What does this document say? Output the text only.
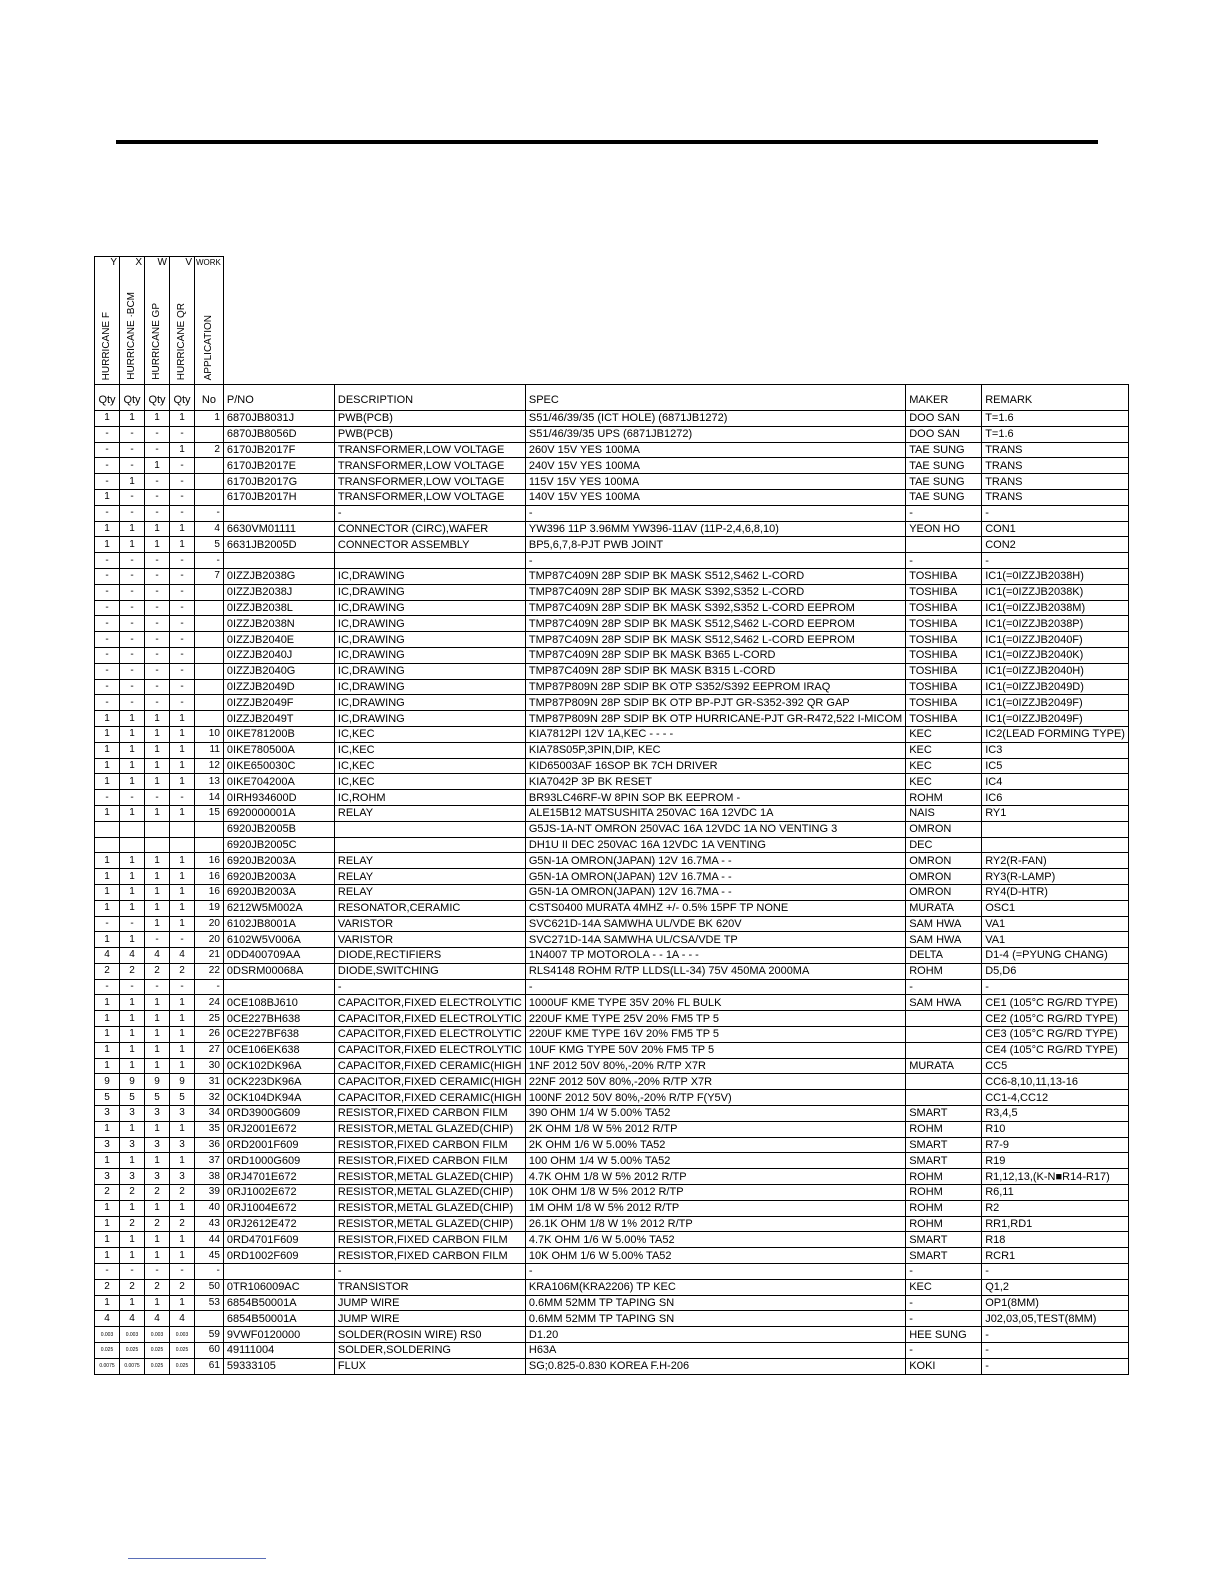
Y	X	W	V	WORK					

HURRICANE F	HURRICANE ·BCM	HURRICANE GP	HURRICANE QR	APPLICATION					

Qty	Qty	Qty	Qty	No	P/NO	DESCRIPTION	SPEC	MAKER	REMARK
1	1	1	1	1	6870JB8031J	PWB(PCB)	S51/46/39/35 (ICT HOLE) (6871JB1272)	DOO SAN	T=1.6
-	-	-	-		6870JB8056D	PWB(PCB)	S51/46/39/35 UPS (6871JB1272)	DOO SAN	T=1.6
-	-	-	1	2	6170JB2017F	TRANSFORMER,LOW VOLTAGE	260V 15V YES 100MA	TAE SUNG	TRANS
-	-	1	-		6170JB2017E	TRANSFORMER,LOW VOLTAGE	240V 15V YES 100MA	TAE SUNG	TRANS
-	1	-	-		6170JB2017G	TRANSFORMER,LOW VOLTAGE	115V 15V YES 100MA	TAE SUNG	TRANS
1	-	-	-		6170JB2017H	TRANSFORMER,LOW VOLTAGE	140V 15V YES 100MA	TAE SUNG	TRANS
-	-	-	-	-		-	-	-	-
1	1	1	1	4	6630VM01111	CONNECTOR (CIRC),WAFER	YW396 11P 3.96MM YW396-11AV (11P-2,4,6,8,10)	YEON HO	CON1
1	1	1	1	5	6631JB2005D	CONNECTOR ASSEMBLY	BP5,6,7,8-PJT PWB JOINT		CON2
-	-	-	-	-			-	-	-
-	-	-	-	7	0IZZJB2038G	IC,DRAWING	TMP87C409N 28P SDIP BK MASK S512,S462 L-CORD	TOSHIBA	IC1(=0IZZJB2038H)
-	-	-	-		0IZZJB2038J	IC,DRAWING	TMP87C409N 28P SDIP BK MASK S392,S352 L-CORD	TOSHIBA	IC1(=0IZZJB2038K)
-	-	-	-		0IZZJB2038L	IC,DRAWING	TMP87C409N 28P SDIP BK MASK S392,S352 L-CORD EEPROM	TOSHIBA	IC1(=0IZZJB2038M)
-	-	-	-		0IZZJB2038N	IC,DRAWING	TMP87C409N 28P SDIP BK MASK S512,S462 L-CORD EEPROM	TOSHIBA	IC1(=0IZZJB2038P)
-	-	-	-		0IZZJB2040E	IC,DRAWING	TMP87C409N 28P SDIP BK MASK S512,S462 L-CORD EEPROM	TOSHIBA	IC1(=0IZZJB2040F)
-	-	-	-		0IZZJB2040J	IC,DRAWING	TMP87C409N 28P SDIP BK MASK B365 L-CORD	TOSHIBA	IC1(=0IZZJB2040K)
-	-	-	-		0IZZJB2040G	IC,DRAWING	TMP87C409N 28P SDIP BK MASK B315 L-CORD	TOSHIBA	IC1(=0IZZJB2040H)
-	-	-	-		0IZZJB2049D	IC,DRAWING	TMP87P809N 28P SDIP BK OTP S352/S392 EEPROM IRAQ	TOSHIBA	IC1(=0IZZJB2049D)
-	-	-	-		0IZZJB2049F	IC,DRAWING	TMP87P809N 28P SDIP BK OTP BP-PJT GR-S352-392 QR GAP	TOSHIBA	IC1(=0IZZJB2049F)
1	1	1	1		0IZZJB2049T	IC,DRAWING	TMP87P809N 28P SDIP BK OTP HURRICANE-PJT GR-R472,522 I-MICOM	TOSHIBA	IC1(=0IZZJB2049F)
1	1	1	1	10	0IKE781200B	IC,KEC	KIA7812PI 12V 1A,KEC - - - -	KEC	IC2(LEAD FORMING TYPE)
1	1	1	1	11	0IKE780500A	IC,KEC	KIA78S05P,3PIN,DIP, KEC	KEC	IC3
1	1	1	1	12	0IKE650030C	IC,KEC	KID65003AF 16SOP BK 7CH DRIVER	KEC	IC5
1	1	1	1	13	0IKE704200A	IC,KEC	KIA7042P 3P BK RESET	KEC	IC4
-	-	-	-	14	0IRH934600D	IC,ROHM	BR93LC46RF-W 8PIN SOP BK EEPROM -	ROHM	IC6
1	1	1	1	15	6920000001A	RELAY	ALE15B12 MATSUSHITA 250VAC 16A 12VDC 1A	NAIS	RY1
					6920JB2005B		G5JS-1A-NT OMRON 250VAC 16A 12VDC 1A NO VENTING 3	OMRON	
					6920JB2005C		DH1U II DEC 250VAC 16A 12VDC 1A VENTING	DEC	
1	1	1	1	16	6920JB2003A	RELAY	G5N-1A OMRON(JAPAN) 12V 16.7MA - -	OMRON	RY2(R-FAN)
1	1	1	1	16	6920JB2003A	RELAY	G5N-1A OMRON(JAPAN) 12V 16.7MA - -	OMRON	RY3(R-LAMP)
1	1	1	1	16	6920JB2003A	RELAY	G5N-1A OMRON(JAPAN) 12V 16.7MA - -	OMRON	RY4(D-HTR)
1	1	1	1	19	6212W5M002A	RESONATOR,CERAMIC	CSTS0400 MURATA 4MHZ +/- 0.5% 15PF TP NONE	MURATA	OSC1
-	-	1	1	20	6102JB8001A	VARISTOR	SVC621D-14A SAMWHA UL/VDE BK 620V	SAM HWA	VA1
1	1	-	-	20	6102W5V006A	VARISTOR	SVC271D-14A SAMWHA UL/CSA/VDE TP	SAM HWA	VA1
4	4	4	4	21	0DD400709AA	DIODE,RECTIFIERS	1N4007 TP MOTOROLA - - 1A - - -	DELTA	D1-4 (=PYUNG CHANG)
2	2	2	2	22	0DSRM00068A	DIODE,SWITCHING	RLS4148 ROHM R/TP LLDS(LL-34) 75V 450MA 2000MA	ROHM	D5,D6
-	-	-	-	-		-	-	-	-
1	1	1	1	24	0CE108BJ610	CAPACITOR,FIXED ELECTROLYTIC	1000UF KME TYPE 35V 20% FL BULK	SAM HWA	CE1 (105°C RG/RD TYPE)
1	1	1	1	25	0CE227BH638	CAPACITOR,FIXED ELECTROLYTIC	220UF KME TYPE 25V 20% FM5 TP 5		CE2 (105°C RG/RD TYPE)
1	1	1	1	26	0CE227BF638	CAPACITOR,FIXED ELECTROLYTIC	220UF KME TYPE 16V 20% FM5 TP 5		CE3 (105°C RG/RD TYPE)
1	1	1	1	27	0CE106EK638	CAPACITOR,FIXED ELECTROLYTIC	10UF KMG TYPE 50V 20% FM5 TP 5		CE4 (105°C RG/RD TYPE)
1	1	1	1	30	0CK102DK96A	CAPACITOR,FIXED CERAMIC(HIGH	1NF 2012 50V 80%,-20% R/TP X7R	MURATA	CC5
9	9	9	9	31	0CK223DK96A	CAPACITOR,FIXED CERAMIC(HIGH	22NF 2012 50V 80%,-20% R/TP X7R		CC6-8,10,11,13-16
5	5	5	5	32	0CK104DK94A	CAPACITOR,FIXED CERAMIC(HIGH	100NF 2012 50V 80%,-20% R/TP F(Y5V)		CC1-4,CC12
3	3	3	3	34	0RD3900G609	RESISTOR,FIXED CARBON FILM	390 OHM 1/4 W 5.00% TA52	SMART	R3,4,5
1	1	1	1	35	0RJ2001E672	RESISTOR,METAL GLAZED(CHIP)	2K OHM 1/8 W 5% 2012 R/TP	ROHM	R10
3	3	3	3	36	0RD2001F609	RESISTOR,FIXED CARBON FILM	2K OHM 1/6 W 5.00% TA52	SMART	R7-9
1	1	1	1	37	0RD1000G609	RESISTOR,FIXED CARBON FILM	100 OHM 1/4 W 5.00% TA52	SMART	R19
3	3	3	3	38	0RJ4701E672	RESISTOR,METAL GLAZED(CHIP)	4.7K OHM 1/8 W 5% 2012 R/TP	ROHM	R1,12,13,(K-N■R14-R17)
2	2	2	2	39	0RJ1002E672	RESISTOR,METAL GLAZED(CHIP)	10K OHM 1/8 W 5% 2012 R/TP	ROHM	R6,11
1	1	1	1	40	0RJ1004E672	RESISTOR,METAL GLAZED(CHIP)	1M OHM 1/8 W 5% 2012 R/TP	ROHM	R2
1	2	2	2	43	0RJ2612E472	RESISTOR,METAL GLAZED(CHIP)	26.1K OHM 1/8 W 1% 2012 R/TP	ROHM	RR1,RD1
1	1	1	1	44	0RD4701F609	RESISTOR,FIXED CARBON FILM	4.7K OHM 1/6 W 5.00% TA52	SMART	R18
1	1	1	1	45	0RD1002F609	RESISTOR,FIXED CARBON FILM	10K OHM 1/6 W 5.00% TA52	SMART	RCR1
-	-	-	-	-		-	-	-	-
2	2	2	2	50	0TR106009AC	TRANSISTOR	KRA106M(KRA2206) TP KEC	KEC	Q1,2
1	1	1	1	53	6854B50001A	JUMP WIRE	0.6MM 52MM TP TAPING SN	-	OP1(8MM)
4	4	4	4		6854B50001A	JUMP WIRE	0.6MM 52MM TP TAPING SN	-	J02,03,05,TEST(8MM)
0.003	0.003	0.003	0.003	59	9VWF0120000	SOLDER(ROSIN WIRE) RS0	D1.20	HEE SUNG	-
0.025	0.025	0.025	0.025	60	49111004	SOLDER,SOLDERING	H63A	-	-
0.0075	0.0075	0.025	0.025	61	59333105	FLUX	SG;0.825-0.830 KOREA F.H-206	KOKI	-
